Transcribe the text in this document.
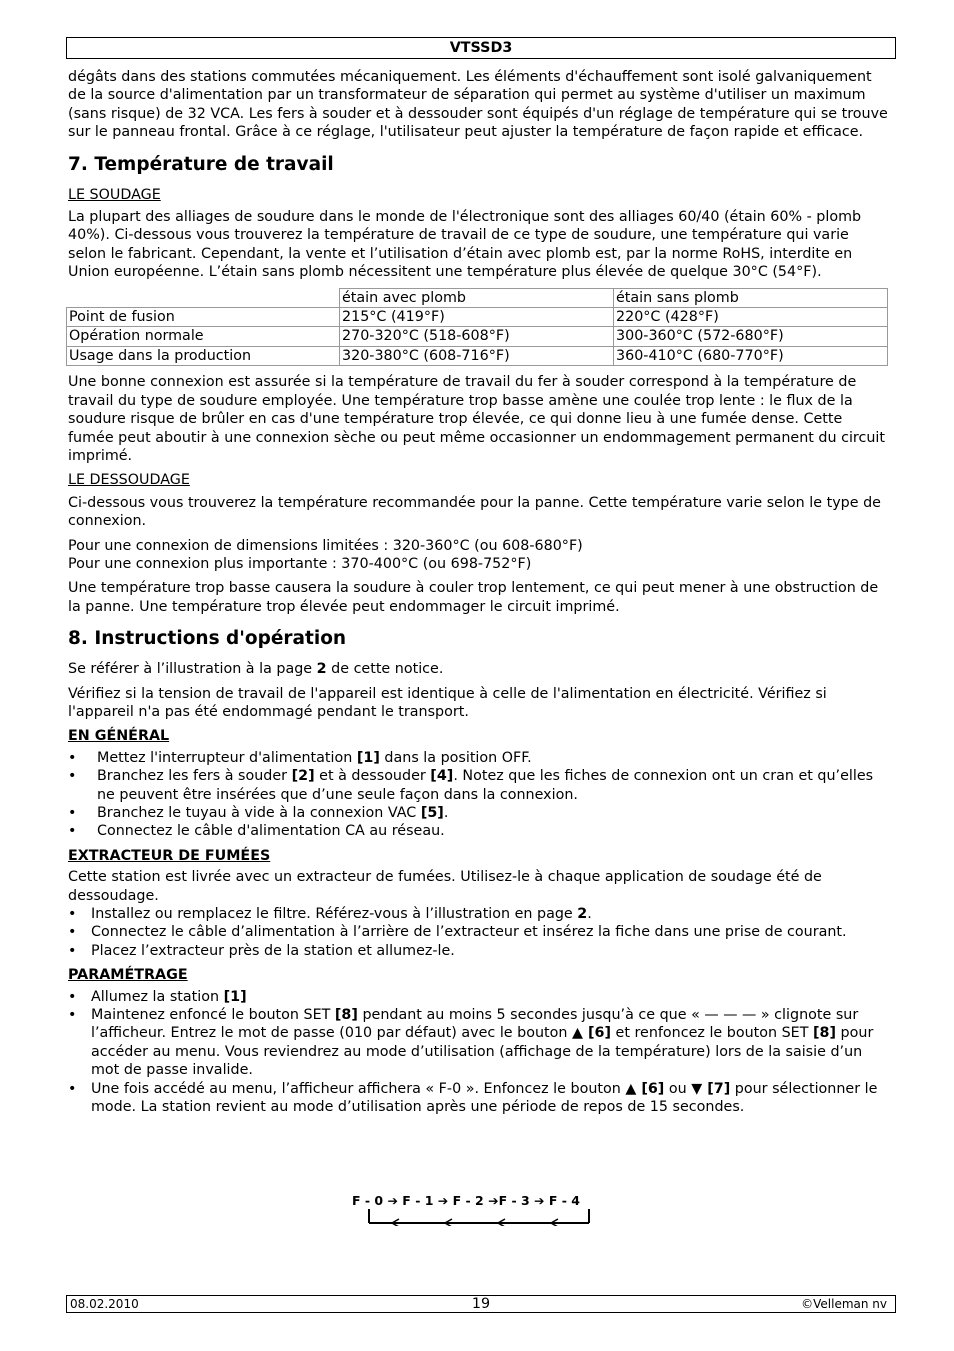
VTSSD3

dégâts dans des stations commutées mécaniquement. Les éléments d'échauffement sont isolé galvaniquement de la source d'alimentation par un transformateur de séparation qui permet au système d'utiliser un maximum (sans risque) de 32 VCA. Les fers à souder et à dessouder sont équipés d'un réglage de température qui se trouve sur le panneau frontal. Grâce à ce réglage, l'utilisateur peut ajuster la température de façon rapide et efficace.

7. Température de travail

LE SOUDAGE

La plupart des alliages de soudure dans le monde de l'électronique sont des alliages 60/40 (étain 60% - plomb 40%). Ci-dessous vous trouverez la température de travail de ce type de soudure, une température qui varie selon le fabricant. Cependant, la vente et l’utilisation d’étain avec plomb est, par la norme RoHS, interdite en Union européenne. L’étain sans plomb nécessitent une température plus élevée de quelque 30°C (54°F).

	étain avec plomb	étain sans plomb
Point de fusion	215°C (419°F)	220°C (428°F)
Opération normale	270-320°C (518-608°F)	300-360°C (572-680°F)
Usage dans la production	320-380°C (608-716°F)	360-410°C (680-770°F)

Une bonne connexion est assurée si la température de travail du fer à souder correspond à la température de travail du type de soudure employée. Une température trop basse amène une coulée trop lente : le flux de la soudure risque de brûler en cas d'une température trop élevée, ce qui donne lieu à une fumée dense. Cette fumée peut aboutir à une connexion sèche ou peut même occasionner un endommagement permanent du circuit imprimé.

LE DESSOUDAGE

Ci-dessous vous trouverez la température recommandée pour la panne. Cette température varie selon le type de connexion.

Pour une connexion de dimensions limitées : 320-360°C (ou 608-680°F)
Pour une connexion plus importante : 370-400°C (ou 698-752°F)

Une température trop basse causera la soudure à couler trop lentement, ce qui peut mener à une obstruction de la panne. Une température trop élevée peut endommager le circuit imprimé.

8. Instructions d'opération

Se référer à l’illustration à la page 2 de cette notice.

Vérifiez si la tension de travail de l'appareil est identique à celle de l'alimentation en électricité. Vérifiez si l'appareil n'a pas été endommagé pendant le transport.

EN GÉNÉRAL

• Mettez l'interrupteur d'alimentation [1] dans la position OFF.
• Branchez les fers à souder [2] et à dessouder [4]. Notez que les fiches de connexion ont un cran et qu’elles ne peuvent être insérées que d’une seule façon dans la connexion.
• Branchez le tuyau à vide à la connexion VAC [5].
• Connectez le câble d'alimentation CA au réseau.

EXTRACTEUR DE FUMÉES

Cette station est livrée avec un extracteur de fumées. Utilisez-le à chaque application de soudage été de dessoudage.

• Installez ou remplacez le filtre. Référez-vous à l’illustration en page 2.
• Connectez le câble d’alimentation à l’arrière de l’extracteur et insérez la fiche dans une prise de courant.
• Placez l’extracteur près de la station et allumez-le.

PARAMÉTRAGE

• Allumez la station [1]
• Maintenez enfoncé le bouton SET [8] pendant au moins 5 secondes jusqu’à ce que « — — — » clignote sur l’afficheur. Entrez le mot de passe (010 par défaut) avec le bouton ▲ [6] et renfoncez le bouton SET [8] pour accéder au menu. Vous reviendrez au mode d’utilisation (affichage de la température) lors de la saisie d’un mot de passe invalide.
• Une fois accédé au menu, l’afficheur affichera « F-0 ». Enfoncez le bouton ▲ [6] ou ▼ [7] pour sélectionner le mode. La station revient au mode d’utilisation après une période de repos de 15 secondes.
F - 0 ➔ F - 1 ➔ F - 2 ➔F - 3 ➔ F - 4
08.02.2010	19	©Velleman nv
